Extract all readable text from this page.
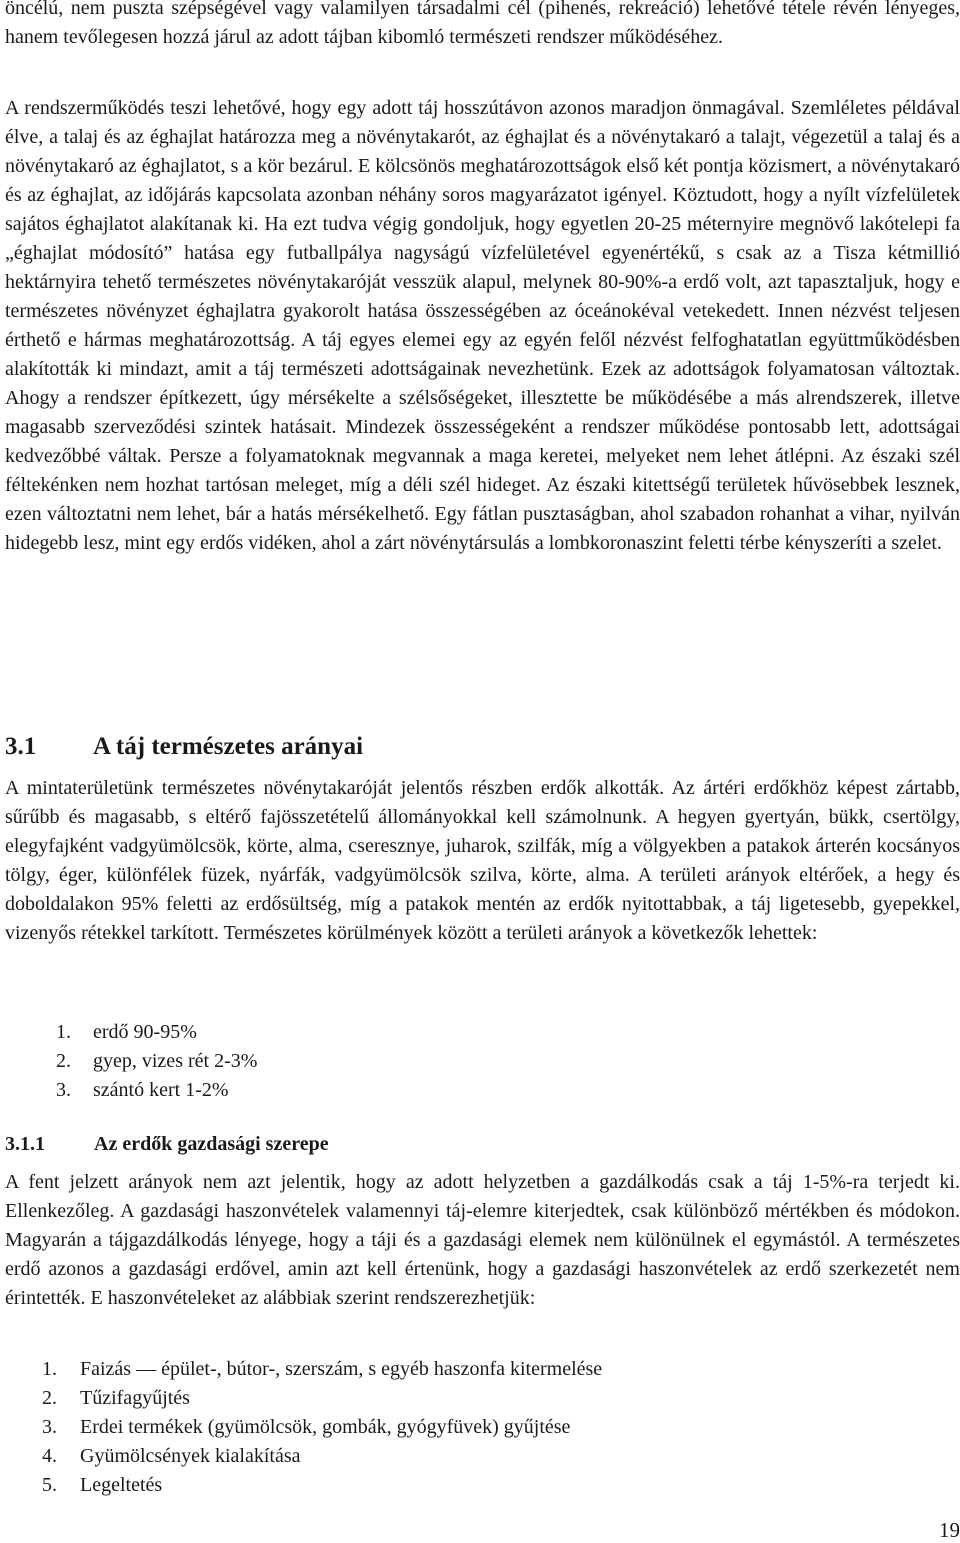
öncélú, nem puszta szépségével vagy valamilyen társadalmi cél (pihenés, rekreáció) lehetővé tétele révén lényeges, hanem tevőlegesen hozzá járul az adott tájban kibomló természeti rendszer működéséhez.

A rendszerműködés teszi lehetővé, hogy egy adott táj hosszútávon azonos maradjon önmagával. Szemléletes példával élve, a talaj és az éghajlat határozza meg a növénytakarót, az éghajlat és a növénytakaró a talajt, végezetül a talaj és a növénytakaró az éghajlatot, s a kör bezárul. E kölcsönös meghatározottságok első két pontja közismert, a növénytakaró és az éghajlat, az időjárás kapcsolata azonban néhány soros magyarázatot igényel. Köztudott, hogy a nyílt vízfelületek sajátos éghajlatot alakítanak ki. Ha ezt tudva végig gondoljuk, hogy egyetlen 20-25 méternyire megnövő lakótelepi fa „éghajlat módosító” hatása egy futballpálya nagyságú vízfelületével egyenértékű, s csak az a Tisza kétmillió hektárnyira tehető természetes növénytakaróját vesszük alapul, melynek 80-90%-a erdő volt, azt tapasztaljuk, hogy e természetes növényzet éghajlatra gyakorolt hatása összességében az óceánokéval vetekedett. Innen nézvést teljesen érthető e hármas meghatározottság. A táj egyes elemei egy az egyén felől nézvést felfoghatatlan együttműködésben alakították ki mindazt, amit a táj természeti adottságainak nevezhetünk. Ezek az adottságok folyamatosan változtak. Ahogy a rendszer építkezett, úgy mérsékelte a szélsőségeket, illesztette be működésébe a más alrendszerek, illetve magasabb szerveződési szintek hatásait. Mindezek összességeként a rendszer működése pontosabb lett, adottságai kedvezőbbé váltak. Persze a folyamatoknak megvannak a maga keretei, melyeket nem lehet átlépni. Az északi szél féltekénken nem hozhat tartósan meleget, míg a déli szél hideget. Az északi kitettségű területek hűvösebbek lesznek, ezen változtatni nem lehet, bár a hatás mérsékelhető. Egy fátlan pusztaságban, ahol szabadon rohanhat a vihar, nyilván hidegebb lesz, mint egy erdős vidéken, ahol a zárt növénytársulás a lombkoronaszint feletti térbe kényszeríti a szelet.

3.1 A táj természetes arányai

A mintaterületünk természetes növénytakaróját jelentős részben erdők alkották. Az ártéri erdőkhöz képest zártabb, sűrűbb és magasabb, s eltérő fajösszetételű állományokkal kell számolnunk. A hegyen gyertyán, bükk, csertölgy, elegyfajként vadgyümölcsök, körte, alma, cseresznye, juharok, szilfák, míg a völgyekben a patakok árterén kocsányos tölgy, éger, különfélek füzek, nyárfák, vadgyümölcsök szilva, körte, alma. A területi arányok eltérőek, a hegy és doboldalakon 95% feletti az erdősültség, míg a patakok mentén az erdők nyitottabbak, a táj ligetesebb, gyepekkel, vizenyős rétekkel tarkított. Természetes körülmények között a területi arányok a következők lehettek:

1. erdő 90-95%
2. gyep, vizes rét 2-3%
3. szántó kert 1-2%
3.1.1 Az erdők gazdasági szerepe

A fent jelzett arányok nem azt jelentik, hogy az adott helyzetben a gazdálkodás csak a táj 1-5%-ra terjedt ki. Ellenkezőleg. A gazdasági haszonvételek valamennyi táj-elemre kiterjedtek, csak különböző mértékben és módokon. Magyarán a tájgazdálkodás lényege, hogy a táji és a gazdasági elemek nem különülnek el egymástól. A természetes erdő azonos a gazdasági erdővel, amin azt kell értenünk, hogy a gazdasági haszonvételek az erdő szerkezetét nem érintették. E haszonvételeket az alábbiak szerint rendszerezhetjük:

1. Faizás — épület-, bútor-, szerszám, s egyéb haszonfa kitermelése
2. Tűzifagyűjtés
3. Erdei termékek (gyümölcsök, gombák, gyógyfüvek) gyűjtése
4. Gyümölcsények kialakítása
5. Legeltetés
19
